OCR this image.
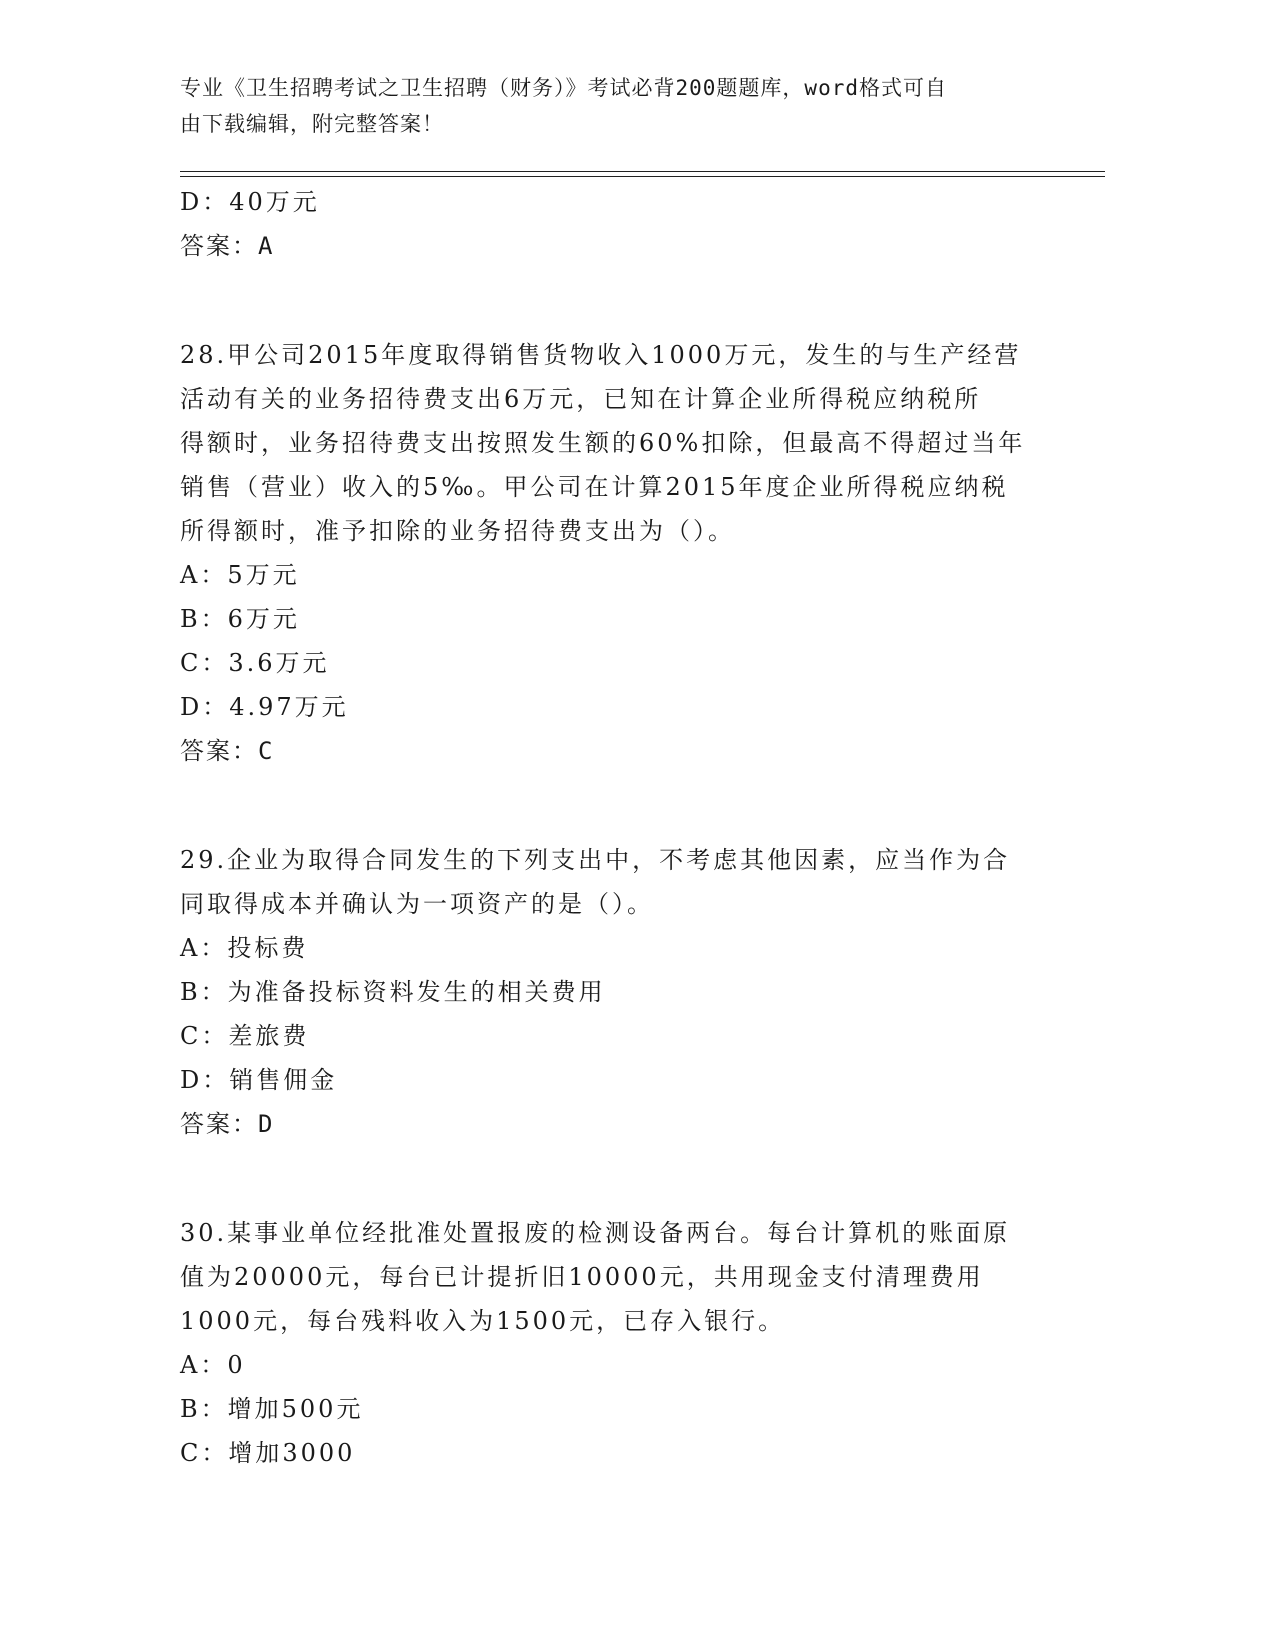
专业《卫生招聘考试之卫生招聘（财务）》考试必背200题题库，word格式可自
由下载编辑，附完整答案！
D：40万元
答案：A
28.甲公司2015年度取得销售货物收入1000万元，发生的与生产经营
活动有关的业务招待费支出6万元，已知在计算企业所得税应纳税所
得额时，业务招待费支出按照发生额的60%扣除，但最高不得超过当年
销售（营业）收入的5‰。甲公司在计算2015年度企业所得税应纳税
所得额时，准予扣除的业务招待费支出为（）。
A：5万元
B：6万元
C：3.6万元
D：4.97万元
答案：C
29.企业为取得合同发生的下列支出中，不考虑其他因素，应当作为合
同取得成本并确认为一项资产的是（）。
A：投标费
B：为准备投标资料发生的相关费用
C：差旅费
D：销售佣金
答案：D
30.某事业单位经批准处置报废的检测设备两台。每台计算机的账面原
值为20000元，每台已计提折旧10000元，共用现金支付清理费用
1000元，每台残料收入为1500元，已存入银行。
A：0
B：增加500元
C：增加3000
